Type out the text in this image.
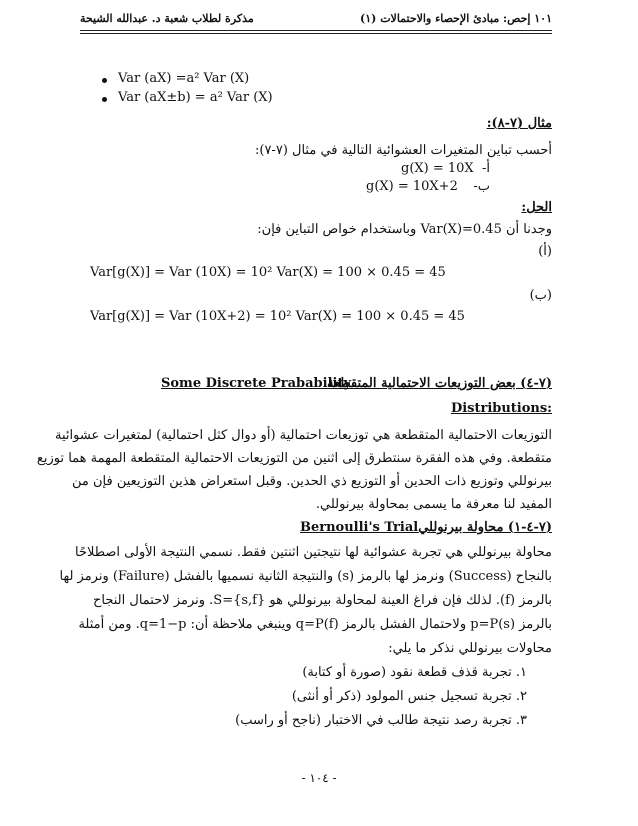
مذكرة لطلاب شعبة د. عبدالله الشيحة	١٠١ إحص: مبادئ الإحصاء والاحتمالات (١)
Var (aX) =a² Var (X)
Var (aX±b) = a² Var (X)
مثال (٧-٨):
أحسب تباين المتغيرات العشوائية التالية في مثال (٧-٧):
g(X) = 10X أ-
g(X) = 10X+2 ب-
الحل:
وجدنا أن Var(X)=0.45 وباستخدام خواص التباين فإن:
(أ)
Var[g(X)] = Var (10X) = 10² Var(X) = 100 × 0.45 = 45
(ب)
Var[g(X)] = Var (10X+2) = 10² Var(X) = 100 × 0.45 = 45
(٧-٤) بعض التوزيعات الاحتمالية المتقطعة
Some Discrete Prabability
Distributions:
التوزيعات الاحتمالية المتقطعة هي توزيعات احتمالية (أو دوال كثل احتمالية) لمتغيرات عشوائية
متقطعة. وفي هذه الفقرة سنتطرق إلى اثنين من التوزيعات الاحتمالية المتقطعة المهمة هما توزيع
بيرنوللي وتوزيع ذات الحدين أو التوزيع ذي الحدين. وقبل استعراض هذين التوزيعين فإن من
المفيد لنا معرفة ما يسمى بمحاولة بيرنوللي.
(٧-٤-١) محاولة بيرنوللي
Bernoulli's Trial
محاولة بيرنوللي هي تجربة عشوائية لها نتيجتين اثنتين فقط. نسمي النتيجة الأولى اصطلاحًا
بالنجاح (Success) ونرمز لها بالرمز (s) والنتيجة الثانية نسميها بالفشل (Failure) ونرمز لها
بالرمز (f). لذلك فإن فراغ العينة لمحاولة بيرنوللي هو S={s,f}. ونرمز لاحتمال النجاح
بالرمز p=P(s) ولاحتمال الفشل بالرمز q=P(f) وينبغي ملاحظة أن: q=1−p. ومن أمثلة
محاولات بيرنوللي نذكر ما يلي:
١. تجربة قذف قطعة نقود (صورة أو كتابة)
٢. تجربة تسجيل جنس المولود (ذكر أو أنثى)
٣. تجربة رصد نتيجة طالب في الاختبار (ناجح أو راسب)
- ١٠٤ -
